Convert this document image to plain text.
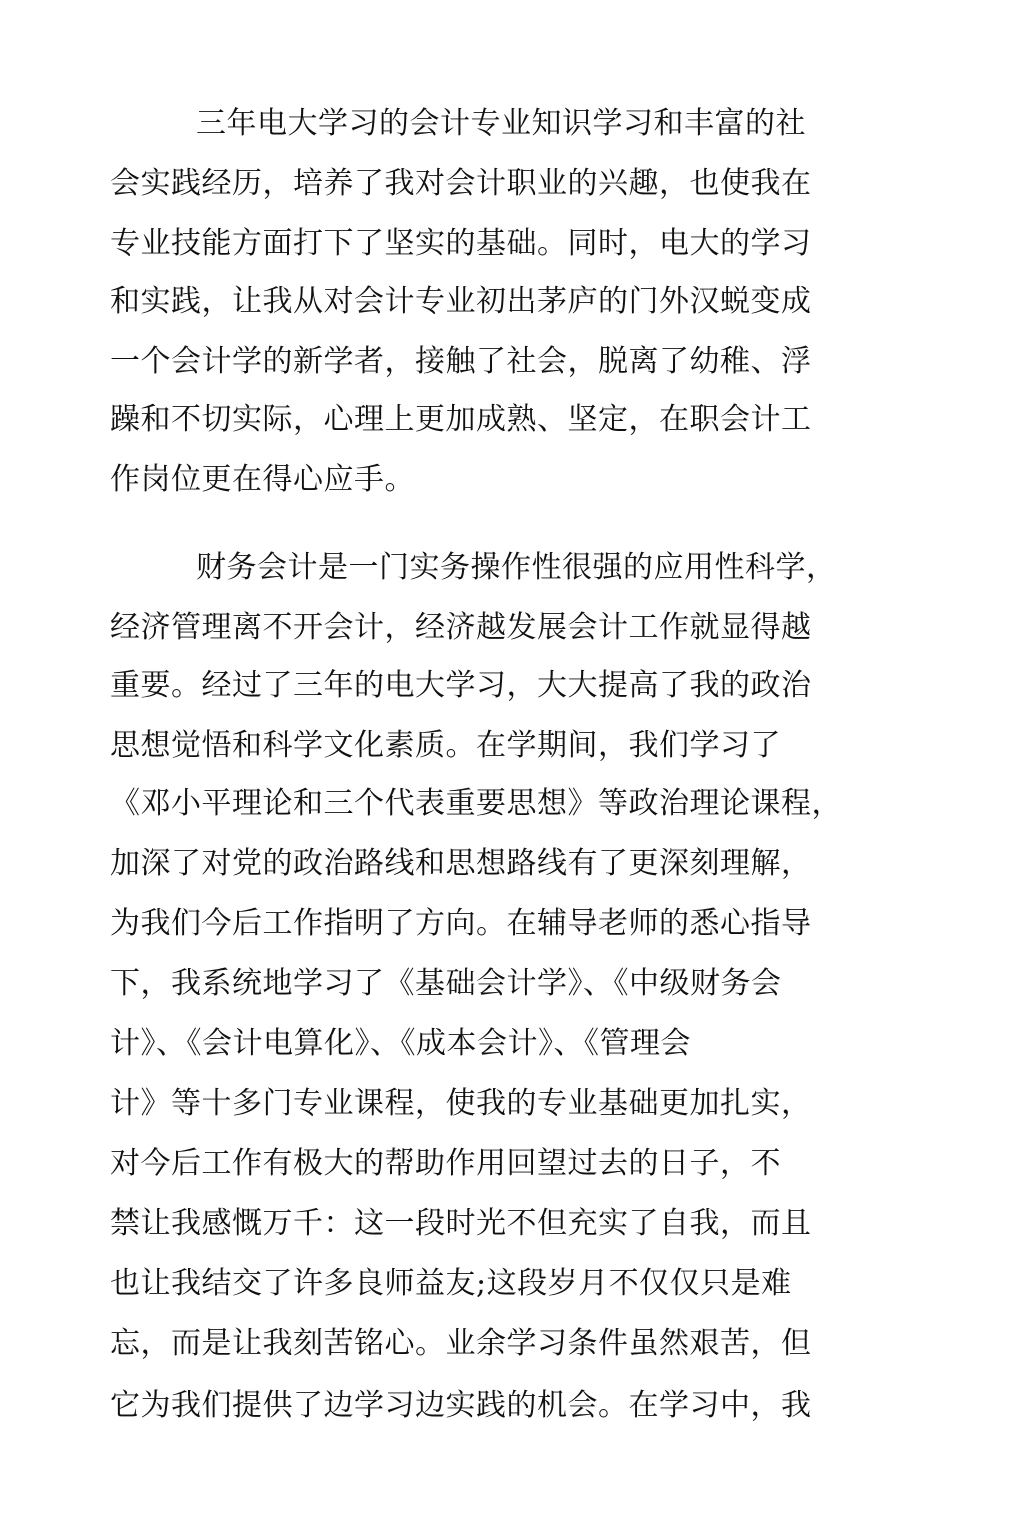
三年电大学习的会计专业知识学习和丰富的社
会实践经历，培养了我对会计职业的兴趣，也使我在
专业技能方面打下了坚实的基础。同时，电大的学习
和实践，让我从对会计专业初出茅庐的门外汉蜕变成
一个会计学的新学者，接触了社会，脱离了幼稚、浮
躁和不切实际，心理上更加成熟、坚定，在职会计工
作岗位更在得心应手。
财务会计是一门实务操作性很强的应用性科学，
经济管理离不开会计，经济越发展会计工作就显得越
重要。经过了三年的电大学习，大大提高了我的政治
思想觉悟和科学文化素质。在学期间，我们学习了
《邓小平理论和三个代表重要思想》等政治理论课程，
加深了对党的政治路线和思想路线有了更深刻理解，
为我们今后工作指明了方向。在辅导老师的悉心指导
下，我系统地学习了《基础会计学》、《中级财务会
计》、《会计电算化》、《成本会计》、《管理会
计》等十多门专业课程，使我的专业基础更加扎实，
对今后工作有极大的帮助作用回望过去的日子，不
禁让我感慨万千：这一段时光不但充实了自我，而且
也让我结交了许多良师益友;这段岁月不仅仅只是难
忘，而是让我刻苦铭心。业余学习条件虽然艰苦，但
它为我们提供了边学习边实践的机会。在学习中，我
